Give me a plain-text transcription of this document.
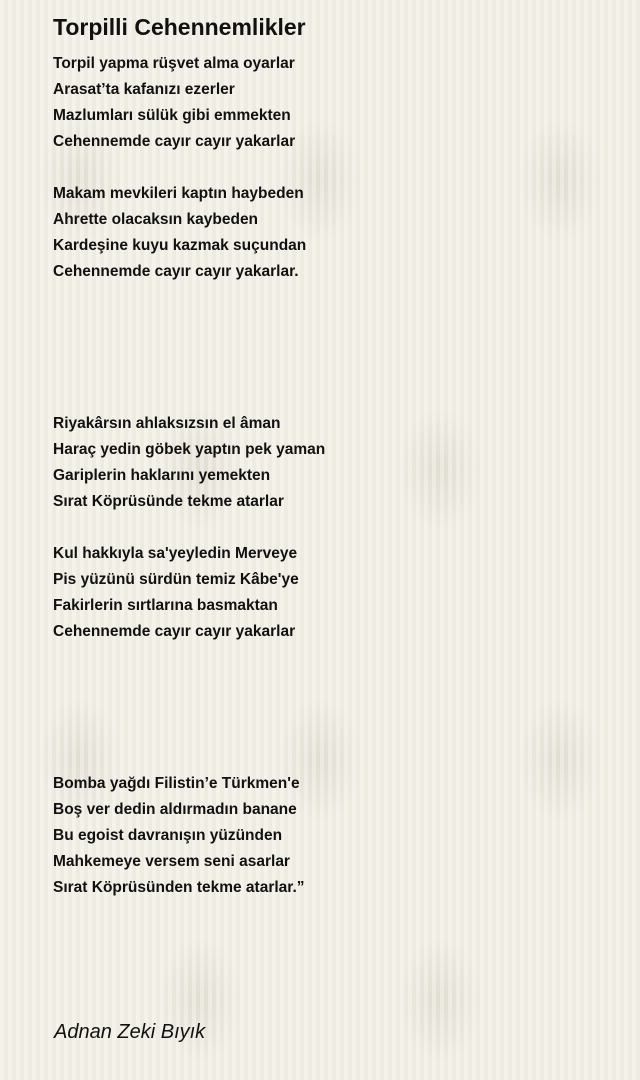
Torpilli Cehennemlikler
Torpil yapma rüşvet alma oyarlar
Arasat’ta kafanızı ezerler
Mazlumları sülük gibi emmekten
Cehennemde cayır cayır yakarlar
Makam mevkileri kaptın haybeden
Ahrette olacaksın kaybeden
Kardeşine kuyu kazmak suçundan
Cehennemde cayır cayır yakarlar.
Riyakârsın ahlaksızsın el âman
Haraç yedin göbek yaptın pek yaman
Gariplerin haklarını yemekten
Sırat Köprüsünde tekme atarlar
Kul hakkıyla sa'yeyledin Merveye
Pis yüzünü sürdün temiz Kâbe'ye
Fakirlerin sırtlarına basmaktan
Cehennemde cayır cayır yakarlar
Bomba yağdı Filistin’e Türkmen'e
Boş ver dedin aldırmadın banane
Bu egoist davranışın yüzünden
Mahkemeye versem seni asarlar
Sırat Köprüsünden tekme atarlar.”

Adnan Zeki Bıyık
